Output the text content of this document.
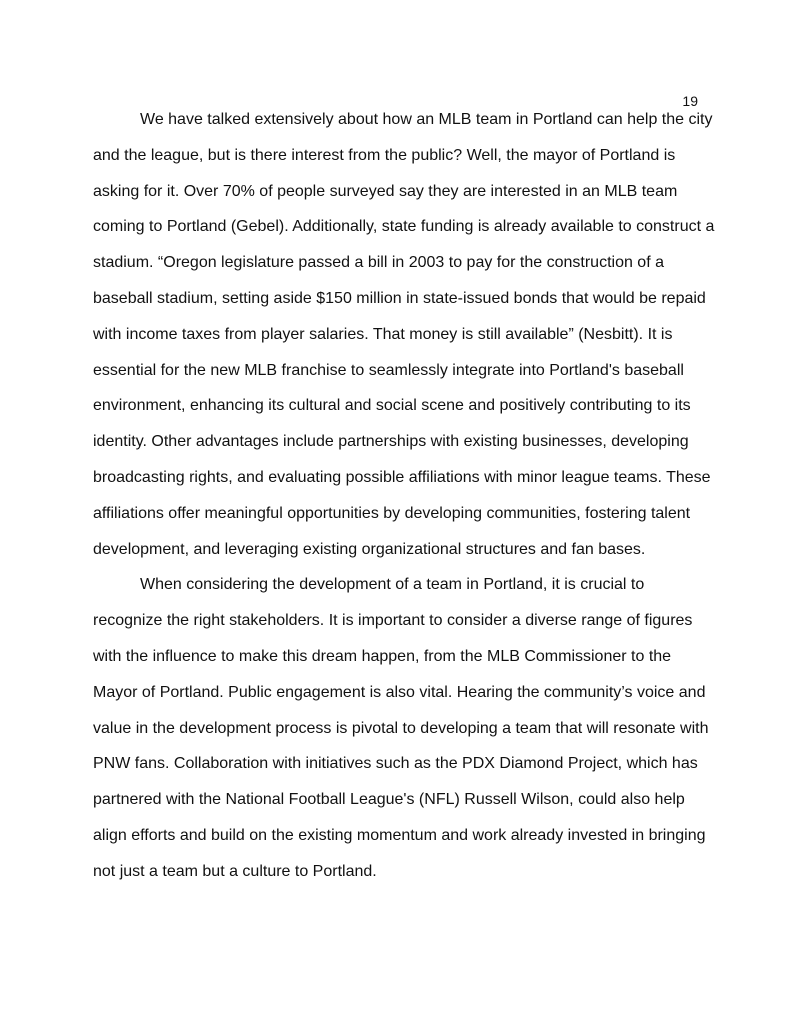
19
We have talked extensively about how an MLB team in Portland can help the city
and the league, but is there interest from the public? Well, the mayor of Portland is
asking for it. Over 70% of people surveyed say they are interested in an MLB team
coming to Portland (Gebel). Additionally, state funding is already available to construct a
stadium. “Oregon legislature passed a bill in 2003 to pay for the construction of a
baseball stadium, setting aside $150 million in state-issued bonds that would be repaid
with income taxes from player salaries. That money is still available” (Nesbitt). It is
essential for the new MLB franchise to seamlessly integrate into Portland's baseball
environment, enhancing its cultural and social scene and positively contributing to its
identity. Other advantages include partnerships with existing businesses, developing
broadcasting rights, and evaluating possible affiliations with minor league teams. These
affiliations offer meaningful opportunities by developing communities, fostering talent
development, and leveraging existing organizational structures and fan bases.
When considering the development of a team in Portland, it is crucial to
recognize the right stakeholders. It is important to consider a diverse range of figures
with the influence to make this dream happen, from the MLB Commissioner to the
Mayor of Portland. Public engagement is also vital. Hearing the community’s voice and
value in the development process is pivotal to developing a team that will resonate with
PNW fans. Collaboration with initiatives such as the PDX Diamond Project, which has
partnered with the National Football League's (NFL) Russell Wilson, could also help
align efforts and build on the existing momentum and work already invested in bringing
not just a team but a culture to Portland.
